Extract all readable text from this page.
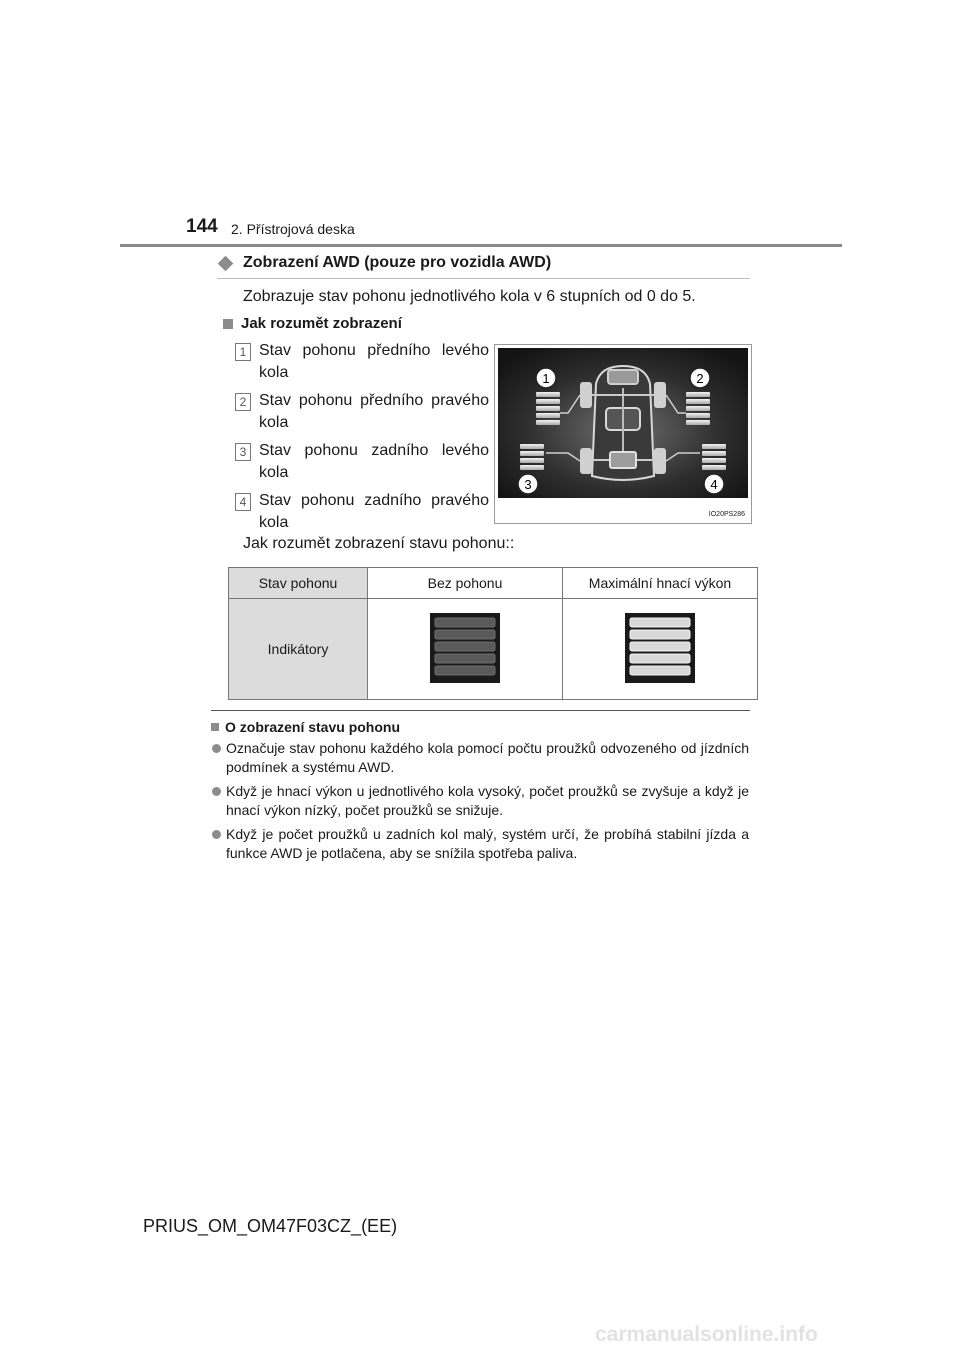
144 2. Přístrojová deska
Zobrazení AWD (pouze pro vozidla AWD)
Zobrazuje stav pohonu jednotlivého kola v 6 stupních od 0 do 5.
Jak rozumět zobrazení
1 Stav pohonu předního levého kola
2 Stav pohonu předního pravého kola
3 Stav pohonu zadního levého kola
4 Stav pohonu zadního pravého kola
1	2
3	4
IO20PS286
Jak rozumět zobrazení stavu pohonu::
Stav pohonu	Bez pohonu	Maximální hnací výkon
Indikátory		
O zobrazení stavu pohonu
Označuje stav pohonu každého kola pomocí počtu proužků odvozeného od jízdních podmínek a systému AWD.
Když je hnací výkon u jednotlivého kola vysoký, počet proužků se zvyšuje a když je hnací výkon nízký, počet proužků se snižuje.
Když je počet proužků u zadních kol malý, systém určí, že probíhá stabilní jízda a funkce AWD je potlačena, aby se snížila spotřeba paliva.
PRIUS_OM_OM47F03CZ_(EE)
carmanualsonline.info
